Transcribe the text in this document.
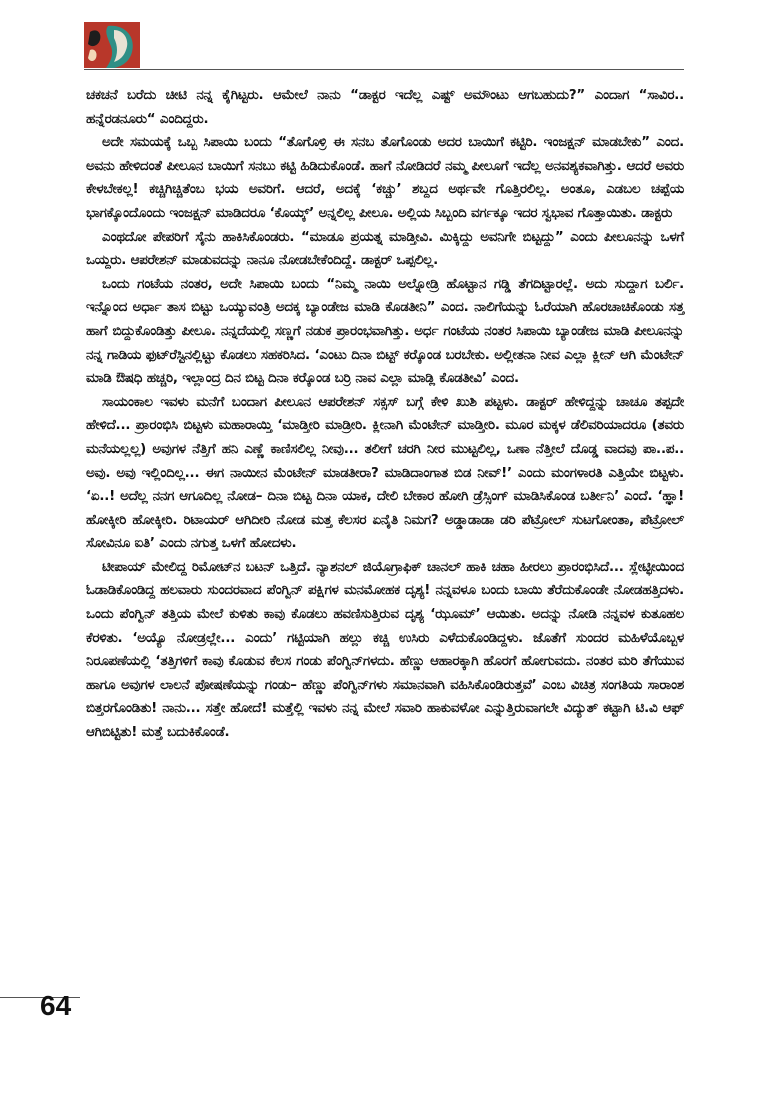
ಚಕಚನೆ ಬರೆದು ಚೀಟಿ ನನ್ನ ಕೈಗಿಟ್ಟರು. ಆಮೇಲೆ ನಾನು “ಡಾಕ್ಟರ ಇದೆಲ್ಲ ಎಷ್ಟ್ ಅಮೌಂಟು ಆಗಬಹುದು?” ಎಂದಾಗ “ಸಾವಿರ.. ಹನ್ನೆರಡನೂರು“ ಎಂದಿದ್ದರು.

ಅದೇ ಸಮಯಕ್ಕೆ ಒಬ್ಬ ಸಿಪಾಯಿ ಬಂದು “ತೊಗೊಳ್ರಿ ಈ ಸನಬ ತೊಗೊಂಡು ಅದರ ಬಾಯಿಗೆ ಕಟ್ಟಿರಿ. ಇಂಜಕ್ಷನ್ ಮಾಡಬೇಕು” ಎಂದ. ಅವನು ಹೇಳಿದಂತೆ ಪೀಲೂನ ಬಾಯಿಗೆ ಸನಬು ಕಟ್ಟಿ ಹಿಡಿದುಕೊಂಡೆ. ಹಾಗೆ ನೋಡಿದರೆ ನಮ್ಮ ಪೀಲೂಗೆ ಇದೆಲ್ಲ ಅನವಶ್ಯಕವಾಗಿತ್ತು. ಆದರೆ ಅವರು ಕೇಳಬೇಕಲ್ಲ! ಕಚ್ಚಿಗಿಚ್ಚಿತೆಂಬ ಭಯ ಅವರಿಗೆ. ಆದರೆ, ಅದಕ್ಕೆ ‘ಕಚ್ಚು’ ಶಬ್ದದ ಅರ್ಥವೇ ಗೊತ್ತಿರಲಿಲ್ಲ. ಅಂತೂ, ಎಡಬಲ ಚಪ್ಪೆಯ ಭಾಗಕ್ಕೊಂದೊಂದು ಇಂಜಕ್ಷನ್ ಮಾಡಿದರೂ ‘ಕೊಯ್ಕ್’ ಅನ್ನಲಿಲ್ಲ ಪೀಲೂ. ಅಲ್ಲಿಯ ಸಿಬ್ಬಂದಿ ವರ್ಗಕ್ಕೂ ಇದರ ಸ್ವಭಾವ ಗೊತ್ತಾಯಿತು. ಡಾಕ್ಟರು

ಎಂಥದೋ ಪೇಪರಿಗೆ ಸೈನು ಹಾಕಿಸಿಕೊಂಡರು. “ಮಾಡೂ ಪ್ರಯತ್ನ ಮಾಡ್ತೀವಿ. ಮಿಕ್ಕಿದ್ದು ಅವನಿಗೇ ಬಿಟ್ಟದ್ದು” ಎಂದು ಪೀಲೂನನ್ನು ಒಳಗೆ ಒಯ್ದರು. ಆಪರೇಶನ್ ಮಾಡುವದನ್ನು ನಾನೂ ನೋಡಬೇಕೆಂದಿದ್ದೆ. ಡಾಕ್ಟರ್ ಒಪ್ಪಲಿಲ್ಲ.

ಒಂದು ಗಂಟೆಯ ನಂತರ, ಅದೇ ಸಿಪಾಯಿ ಬಂದು “ನಿಮ್ಮ ನಾಯಿ ಅಲ್ನೋಡ್ರಿ ಹೊಟ್ಟಾನ ಗಡ್ಡಿ ತೆಗದಿಟ್ಟಾರಲ್ಲೆ. ಅದು ಸುದ್ದಾಗ ಬರ್ಲಿ. ಇನ್ನೊಂದ ಅರ್ಧಾ ತಾಸ ಬಿಟ್ಟು ಒಯ್ಯುವಂತ್ರಿ ಅದಕ್ಕ ಬ್ಯಾಂಡೇಜ ಮಾಡಿ ಕೊಡತೀನಿ” ಎಂದ. ನಾಲಿಗೆಯನ್ನು ಓರೆಯಾಗಿ ಹೊರಚಾಚಿಕೊಂಡು ಸತ್ತ ಹಾಗೆ ಬಿದ್ದುಕೊಂಡಿತ್ತು ಪೀಲೂ. ನನ್ನದೆಯಲ್ಲಿ ಸಣ್ಣಗೆ ನಡುಕ ಪ್ರಾರಂಭವಾಗಿತ್ತು. ಅರ್ಧ ಗಂಟೆಯ ನಂತರ ಸಿಪಾಯಿ ಬ್ಯಾಂಡೇಜ ಮಾಡಿ ಪೀಲೂನನ್ನು ನನ್ನ ಗಾಡಿಯ ಫುಟ್‌ರೆಸ್ಟಿನಲ್ಲಿಟ್ಟು ಕೊಡಲು ಸಹಕರಿಸಿದ. ‘ಎಂಟು ದಿನಾ ಬಿಟ್ಟ್ ಕರ್‍ಕೊಂಡ ಬರಬೇಕು. ಅಲ್ಲೀತನಾ ನೀವ ಎಲ್ಲಾ ಕ್ಲೀನ್ ಆಗಿ ಮೆಂಟೇನ್ ಮಾಡಿ ಔಷಧಿ ಹಚ್ಚರಿ, ಇಲ್ಲಾಂದ್ರ ದಿನ ಬಿಟ್ಟ ದಿನಾ ಕರ್‍ಕೊಂಡ ಬರ್‍ರಿ ನಾವ ಎಲ್ಲಾ ಮಾಡ್ಲಿ ಕೊಡತೀವಿ’ ಎಂದ.

ಸಾಯಂಕಾಲ ಇವಳು ಮನೆಗೆ ಬಂದಾಗ ಪೀಲೂನ ಆಪರೇಶನ್ ಸಕ್ಸಸ್ ಬಗ್ಗೆ ಕೇಳಿ ಖುಶಿ ಪಟ್ಟಳು. ಡಾಕ್ಟರ್ ಹೇಳಿದ್ದನ್ನು ಚಾಚೂ ತಪ್ಪದೇ ಹೇಳಿದೆ... ಪ್ರಾರಂಭಿಸಿ ಬಿಟ್ಟಳು ಮಹಾರಾಯ್ತಿ ‘ಮಾಡ್ತೀರಿ ಮಾಡ್ರೀರಿ. ಕ್ಲೀನಾಗಿ ಮೆಂಟೇನ್ ಮಾಡ್ತೀರಿ. ಮೂರ ಮಕ್ಕಳ ಡೆಲಿವರಿಯಾದರೂ (ತವರು ಮನೆಯಲ್ಲಲ್ಲ) ಅವುಗಳ ನೆತ್ತಿಗೆ ಹನಿ ಎಣ್ಣೆ ಕಾಣಿಸಲಿಲ್ಲ ನೀವು... ತಲೀಗೆ ಚರಗಿ ನೀರ ಮುಟ್ಟಲಿಲ್ಲ, ಒಣಾ ನೆತ್ತೀಲೆ ದೊಡ್ಡ ವಾದವು ಪಾ..ಪ.. ಅವು. ಅವು ಇಲ್ಲಿಂದಿಲ್ಲ... ಈಗ ನಾಯೀನ ಮೆಂಟೇನ್ ಮಾಡತೀರಾ? ಮಾಡಿದಾಂಗಾತ ಬಿಡ ನೀವ್!’ ಎಂದು ಮಂಗಳಾರತಿ ಎತ್ತಿಯೇ ಬಿಟ್ಟಳು. ‘ಏ..! ಅದೆಲ್ಲ ನನಗ ಆಗೂದಿಲ್ಲ ನೋಡ– ದಿನಾ ಬಿಟ್ಟ ದಿನಾ ಯಾಕ, ದೇಲಿ ಬೇಕಾರ ಹೋಗಿ ಡ್ರೆಸ್ಸಿಂಗ್ ಮಾಡಿಸಿಕೊಂಡ ಬರ್ತೀನಿ’ ಎಂದೆ. ‘ಹ್ಞಾ! ಹೋಕ್ಕೀರಿ ಹೋಕ್ಕೀರಿ. ರಿಟಾಯರ್ ಆಗಿದೀರಿ ನೋಡ ಮತ್ತ ಕೆಲಸರ ಏನೈತಿ ನಿಮಗ? ಅಡ್ಡಾಡಾಡಾ ಡರಿ ಪೆಟ್ರೋಲ್ ಸುಟಗೋಂತಾ, ಪೆಟ್ರೋಲ್ ಸೋವಿನೂ ಐತಿ’ ಎಂದು ನಗುತ್ತ ಒಳಗೆ ಹೋದಳು.

ಟೀಪಾಯ್ ಮೇಲಿದ್ದ ರಿಮೋಟ್‌ನ ಬಟನ್ ಒತ್ತಿದೆ. ನ್ಯಾಶನಲ್ ಜಿಯೊಗ್ರಾಫಿಕ್ ಚಾನಲ್ ಹಾಕಿ ಚಹಾ ಹೀರಲು ಪ್ರಾರಂಭಿಸಿದೆ... ಸ್ಲೇಟ್ಫೀಯಿಂದ ಓಡಾಡಿಕೊಂಡಿದ್ದ ಹಲವಾರು ಸುಂದರವಾದ ಪೆಂಗ್ವಿನ್ ಪಕ್ಷಿಗಳ ಮನಮೋಹಕ ದೃಶ್ಯ! ನನ್ನವಳೂ ಬಂದು ಬಾಯಿ ತೆರೆದುಕೊಂಡೇ ನೋಡಹತ್ತಿದಳು. ಒಂದು ಪೆಂಗ್ವಿನ್ ತತ್ತಿಯ ಮೇಲೆ ಕುಳಿತು ಕಾವು ಕೊಡಲು ಹವಣಿಸುತ್ತಿರುವ ದೃಶ್ಯ ‘ಝೂಮ್’ ಆಯಿತು. ಅದನ್ನು ನೋಡಿ ನನ್ನವಳ ಕುತೂಹಲ ಕೆರಳಿತು. ‘ಅಯ್ಯೊ ನೋಡ್ರಲ್ಲೇ... ಎಂದು’ ಗಟ್ಟಿಯಾಗಿ ಹಲ್ಲು ಕಚ್ಚಿ ಉಸಿರು ಎಳೆದುಕೊಂಡಿದ್ದಳು. ಜೊತೆಗೆ ಸುಂದರ ಮಹಿಳೆಯೊಬ್ಬಳ ನಿರೂಪಣೆಯಲ್ಲಿ ‘ತತ್ತಿಗಳಿಗೆ ಕಾವು ಕೊಡುವ ಕೆಲಸ ಗಂಡು ಪೆಂಗ್ವಿನ್‌ಗಳದು. ಹೆಣ್ಣು ಆಹಾರಕ್ಕಾಗಿ ಹೊರಗೆ ಹೋಗುವದು. ನಂತರ ಮರಿ ತೆಗೆಯುವ ಹಾಗೂ ಅವುಗಳ ಲಾಲನೆ ಪೋಷಣೆಯನ್ನು ಗಂಡು– ಹೆಣ್ಣು ಪೆಂಗ್ವಿನ್‌ಗಳು ಸಮಾನವಾಗಿ ವಹಿಸಿಕೊಂಡಿರುತ್ತವೆ’ ಎಂಬ ವಿಚಿತ್ರ ಸಂಗತಿಯ ಸಾರಾಂಶ ಬಿತ್ತರಗೊಂಡಿತು! ನಾನು... ಸತ್ತೇ ಹೋದೆ! ಮತ್ತೆಲ್ಲಿ ಇವಳು ನನ್ನ ಮೇಲೆ ಸವಾರಿ ಹಾಕುವಳೋ ಎನ್ನುತ್ತಿರುವಾಗಲೇ ವಿದ್ಯುತ್ ಕಟ್ಟಾಗಿ ಟಿ.ವಿ ಆಫ್ ಆಗಿಬಿಟ್ಟಿತು! ಮತ್ತೆ ಬದುಕಿಕೊಂಡೆ.

64
